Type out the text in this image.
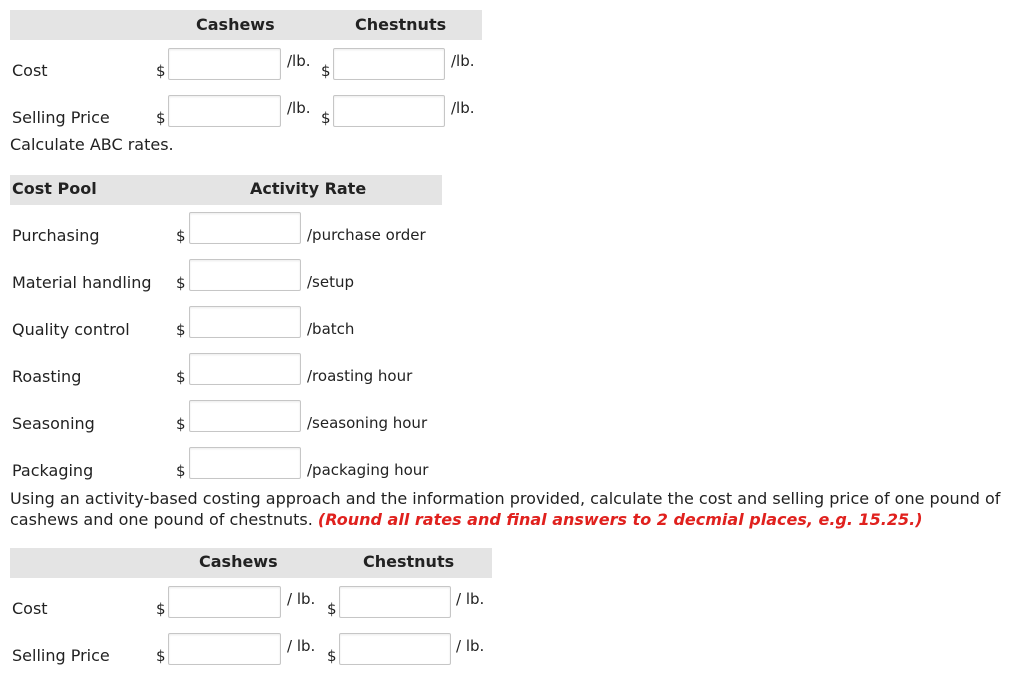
Cashews	Chestnuts
Cost	$
/lb.
$
/lb.
Selling Price	$
/lb.
$
/lb.
Calculate ABC rates.
Cost Pool	Activity Rate
Purchasing	$	/purchase order
Material handling $	/setup
Quality control	$	/batch
Roasting	$	/roasting hour
Seasoning	$	/seasoning hour
Packaging	$	/packaging hour
Using an activity-based costing approach and the information provided, calculate the cost and selling price of one pound of cashews and one pound of chestnuts. (Round all rates and final answers to 2 decmial places, e.g. 15.25.)
Cashews	Chestnuts
Cost	$
/ lb.
$
/ lb.
Selling Price	$
/ lb.
$
/ lb.
